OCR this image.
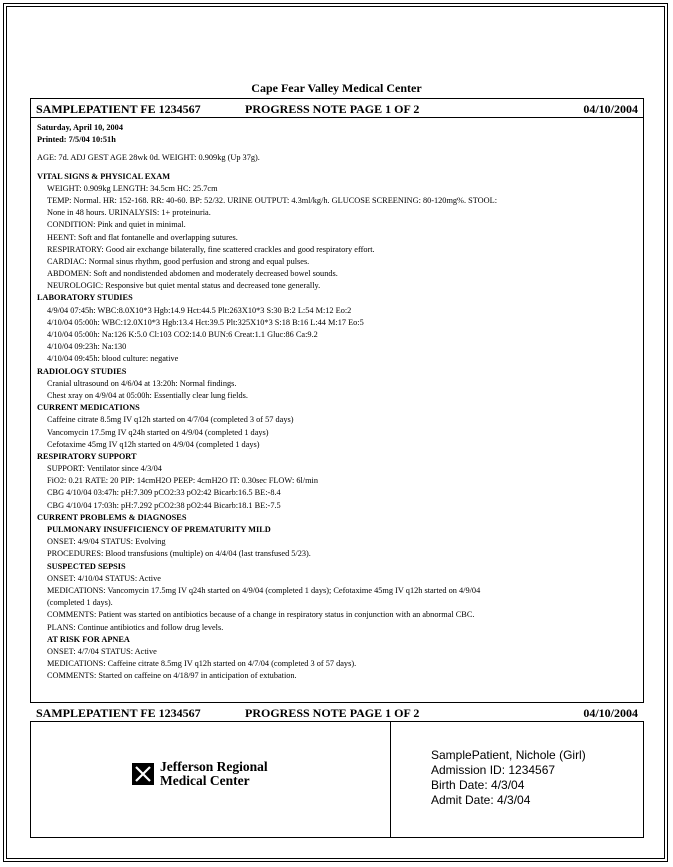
Cape Fear Valley Medical Center
SAMPLEPATIENT FE 1234567	PROGRESS NOTE PAGE 1 OF 2	04/10/2004
Saturday, April 10, 2004
Printed: 7/5/04 10:51h
AGE: 7d. ADJ GEST AGE 28wk 0d. WEIGHT: 0.909kg (Up 37g).
VITAL SIGNS & PHYSICAL EXAM
WEIGHT: 0.909kg LENGTH: 34.5cm HC: 25.7cm
TEMP: Normal. HR: 152-168. RR: 40-60. BP: 52/32. URINE OUTPUT: 4.3ml/kg/h. GLUCOSE SCREENING: 80-120mg%. STOOL:
None in 48 hours. URINALYSIS: 1+ proteinuria.
CONDITION: Pink and quiet in minimal.
HEENT: Soft and flat fontanelle and overlapping sutures.
RESPIRATORY: Good air exchange bilaterally, fine scattered crackles and good respiratory effort.
CARDIAC: Normal sinus rhythm, good perfusion and strong and equal pulses.
ABDOMEN: Soft and nondistended abdomen and moderately decreased bowel sounds.
NEUROLOGIC: Responsive but quiet mental status and decreased tone generally.
LABORATORY STUDIES
4/9/04 07:45h: WBC:8.0X10*3 Hgb:14.9 Hct:44.5 Plt:263X10*3 S:30 B:2 L:54 M:12 Eo:2
4/10/04 05:00h: WBC:12.0X10*3 Hgb:13.4 Hct:39.5 Plt:325X10*3 S:18 B:16 L:44 M:17 Eo:5
4/10/04 05:00h: Na:126 K:5.0 Cl:103 CO2:14.0 BUN:6 Creat:1.1 Gluc:86 Ca:9.2
4/10/04 09:23h: Na:130
4/10/04 09:45h: blood culture: negative
RADIOLOGY STUDIES
Cranial ultrasound on 4/6/04 at 13:20h: Normal findings.
Chest xray on 4/9/04 at 05:00h: Essentially clear lung fields.
CURRENT MEDICATIONS
Caffeine citrate 8.5mg IV q12h started on 4/7/04 (completed 3 of 57 days)
Vancomycin 17.5mg IV q24h started on 4/9/04 (completed 1 days)
Cefotaxime 45mg IV q12h started on 4/9/04 (completed 1 days)
RESPIRATORY SUPPORT
SUPPORT: Ventilator since 4/3/04
FiO2: 0.21 RATE: 20 PIP: 14cmH2O PEEP: 4cmH2O IT: 0.30sec FLOW: 6l/min
CBG 4/10/04 03:47h: pH:7.309 pCO2:33 pO2:42 Bicarb:16.5 BE:-8.4
CBG 4/10/04 17:03h: pH:7.292 pCO2:38 pO2:44 Bicarb:18.1 BE:-7.5
CURRENT PROBLEMS & DIAGNOSES
PULMONARY INSUFFICIENCY OF PREMATURITY MILD
ONSET: 4/9/04 STATUS: Evolving
PROCEDURES: Blood transfusions (multiple) on 4/4/04 (last transfused 5/23).
SUSPECTED SEPSIS
ONSET: 4/10/04 STATUS: Active
MEDICATIONS: Vancomycin 17.5mg IV q24h started on 4/9/04 (completed 1 days); Cefotaxime 45mg IV q12h started on 4/9/04
(completed 1 days).
COMMENTS: Patient was started on antibiotics because of a change in respiratory status in conjunction with an abnormal CBC.
PLANS: Continue antibiotics and follow drug levels.
AT RISK FOR APNEA
ONSET: 4/7/04 STATUS: Active
MEDICATIONS: Caffeine citrate 8.5mg IV q12h started on 4/7/04 (completed 3 of 57 days).
COMMENTS: Started on caffeine on 4/18/97 in anticipation of extubation.
SAMPLEPATIENT FE 1234567	PROGRESS NOTE PAGE 1 OF 2	04/10/2004
Jefferson Regional
Medical Center
SamplePatient, Nichole (Girl)
Admission ID: 1234567
Birth Date: 4/3/04
Admit Date: 4/3/04
